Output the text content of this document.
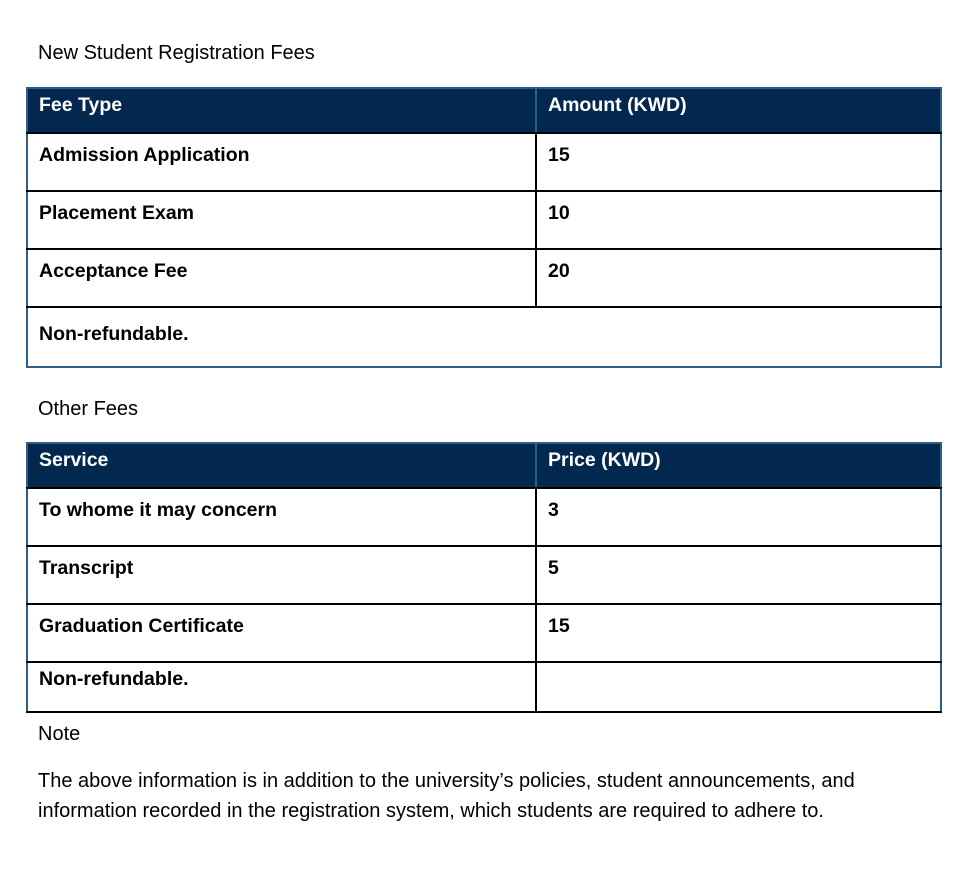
New Student Registration Fees
Fee Type	Amount (KWD)
Admission Application	15
Placement Exam	10
Acceptance Fee	20
Non-refundable.	
Other Fees
Service	Price (KWD)
To whome it may concern	3
Transcript	5
Graduation Certificate	15
Non-refundable.	
Note

The above information is in addition to the university’s policies, student announcements, and information recorded in the registration system, which students are required to adhere to.
